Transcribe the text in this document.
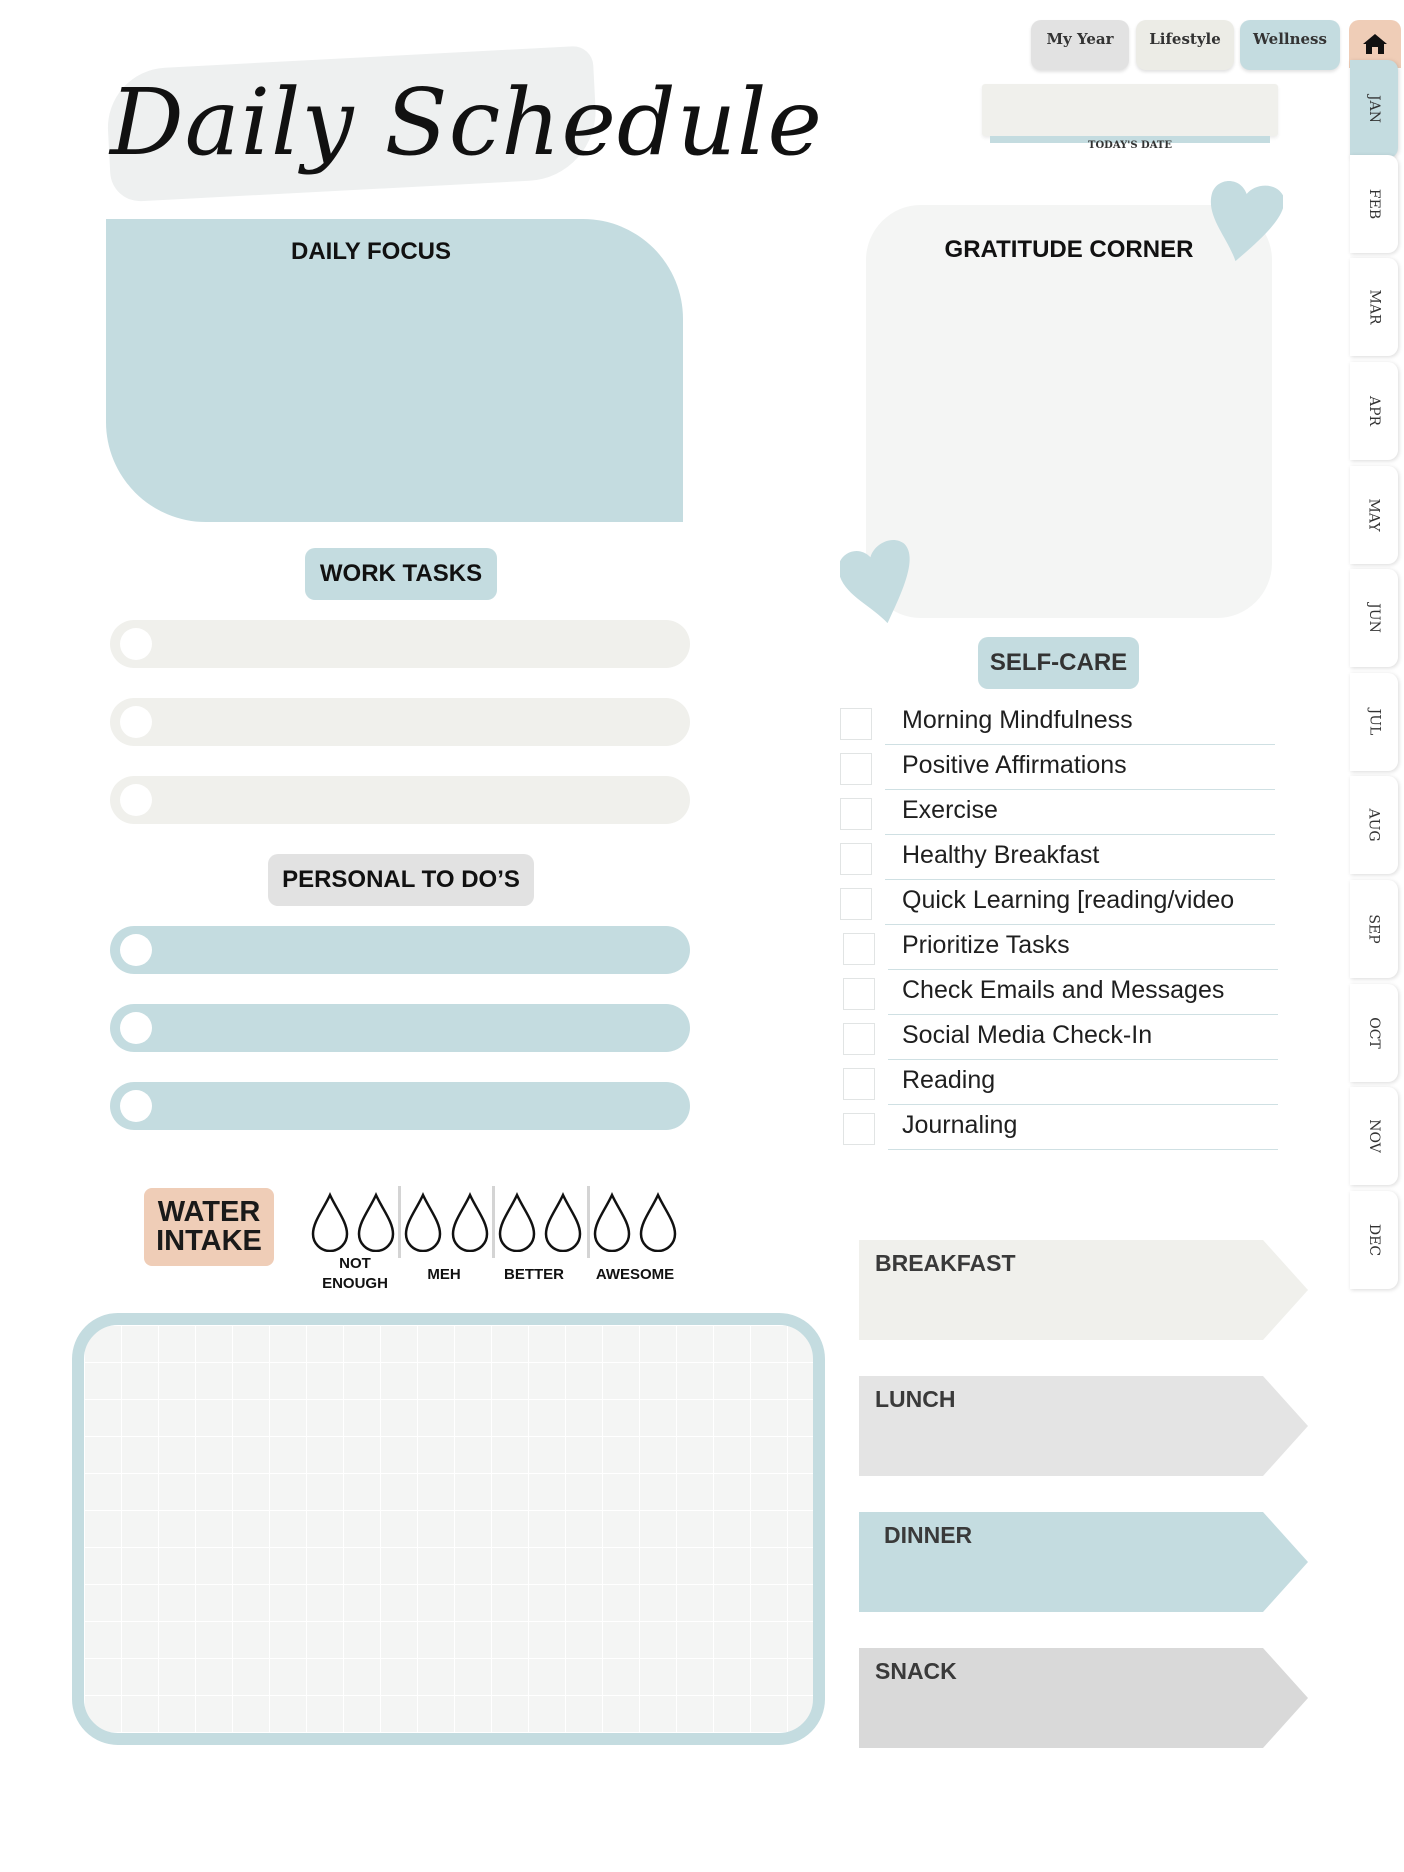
Daily Schedule
My Year	Lifestyle	Wellness
JAN
FEB
MAR
APR
MAY
JUN
JUL
AUG
SEP
OCT
NOV
DEC
TODAY'S DATE
DAILY FOCUS	GRATITUDE CORNER
WORK TASKS
PERSONAL TO DO’S
SELF-CARE
Morning Mindfulness
Positive Affirmations
Exercise
Healthy Breakfast
Quick Learning [reading/video
Prioritize Tasks
Check Emails and Messages
Social Media Check-In
Reading
Journaling
WATER
INTAKE
NOT
ENOUGH
MEH	BETTER	AWESOME	BREAKFAST
LUNCH
DINNER
SNACK
